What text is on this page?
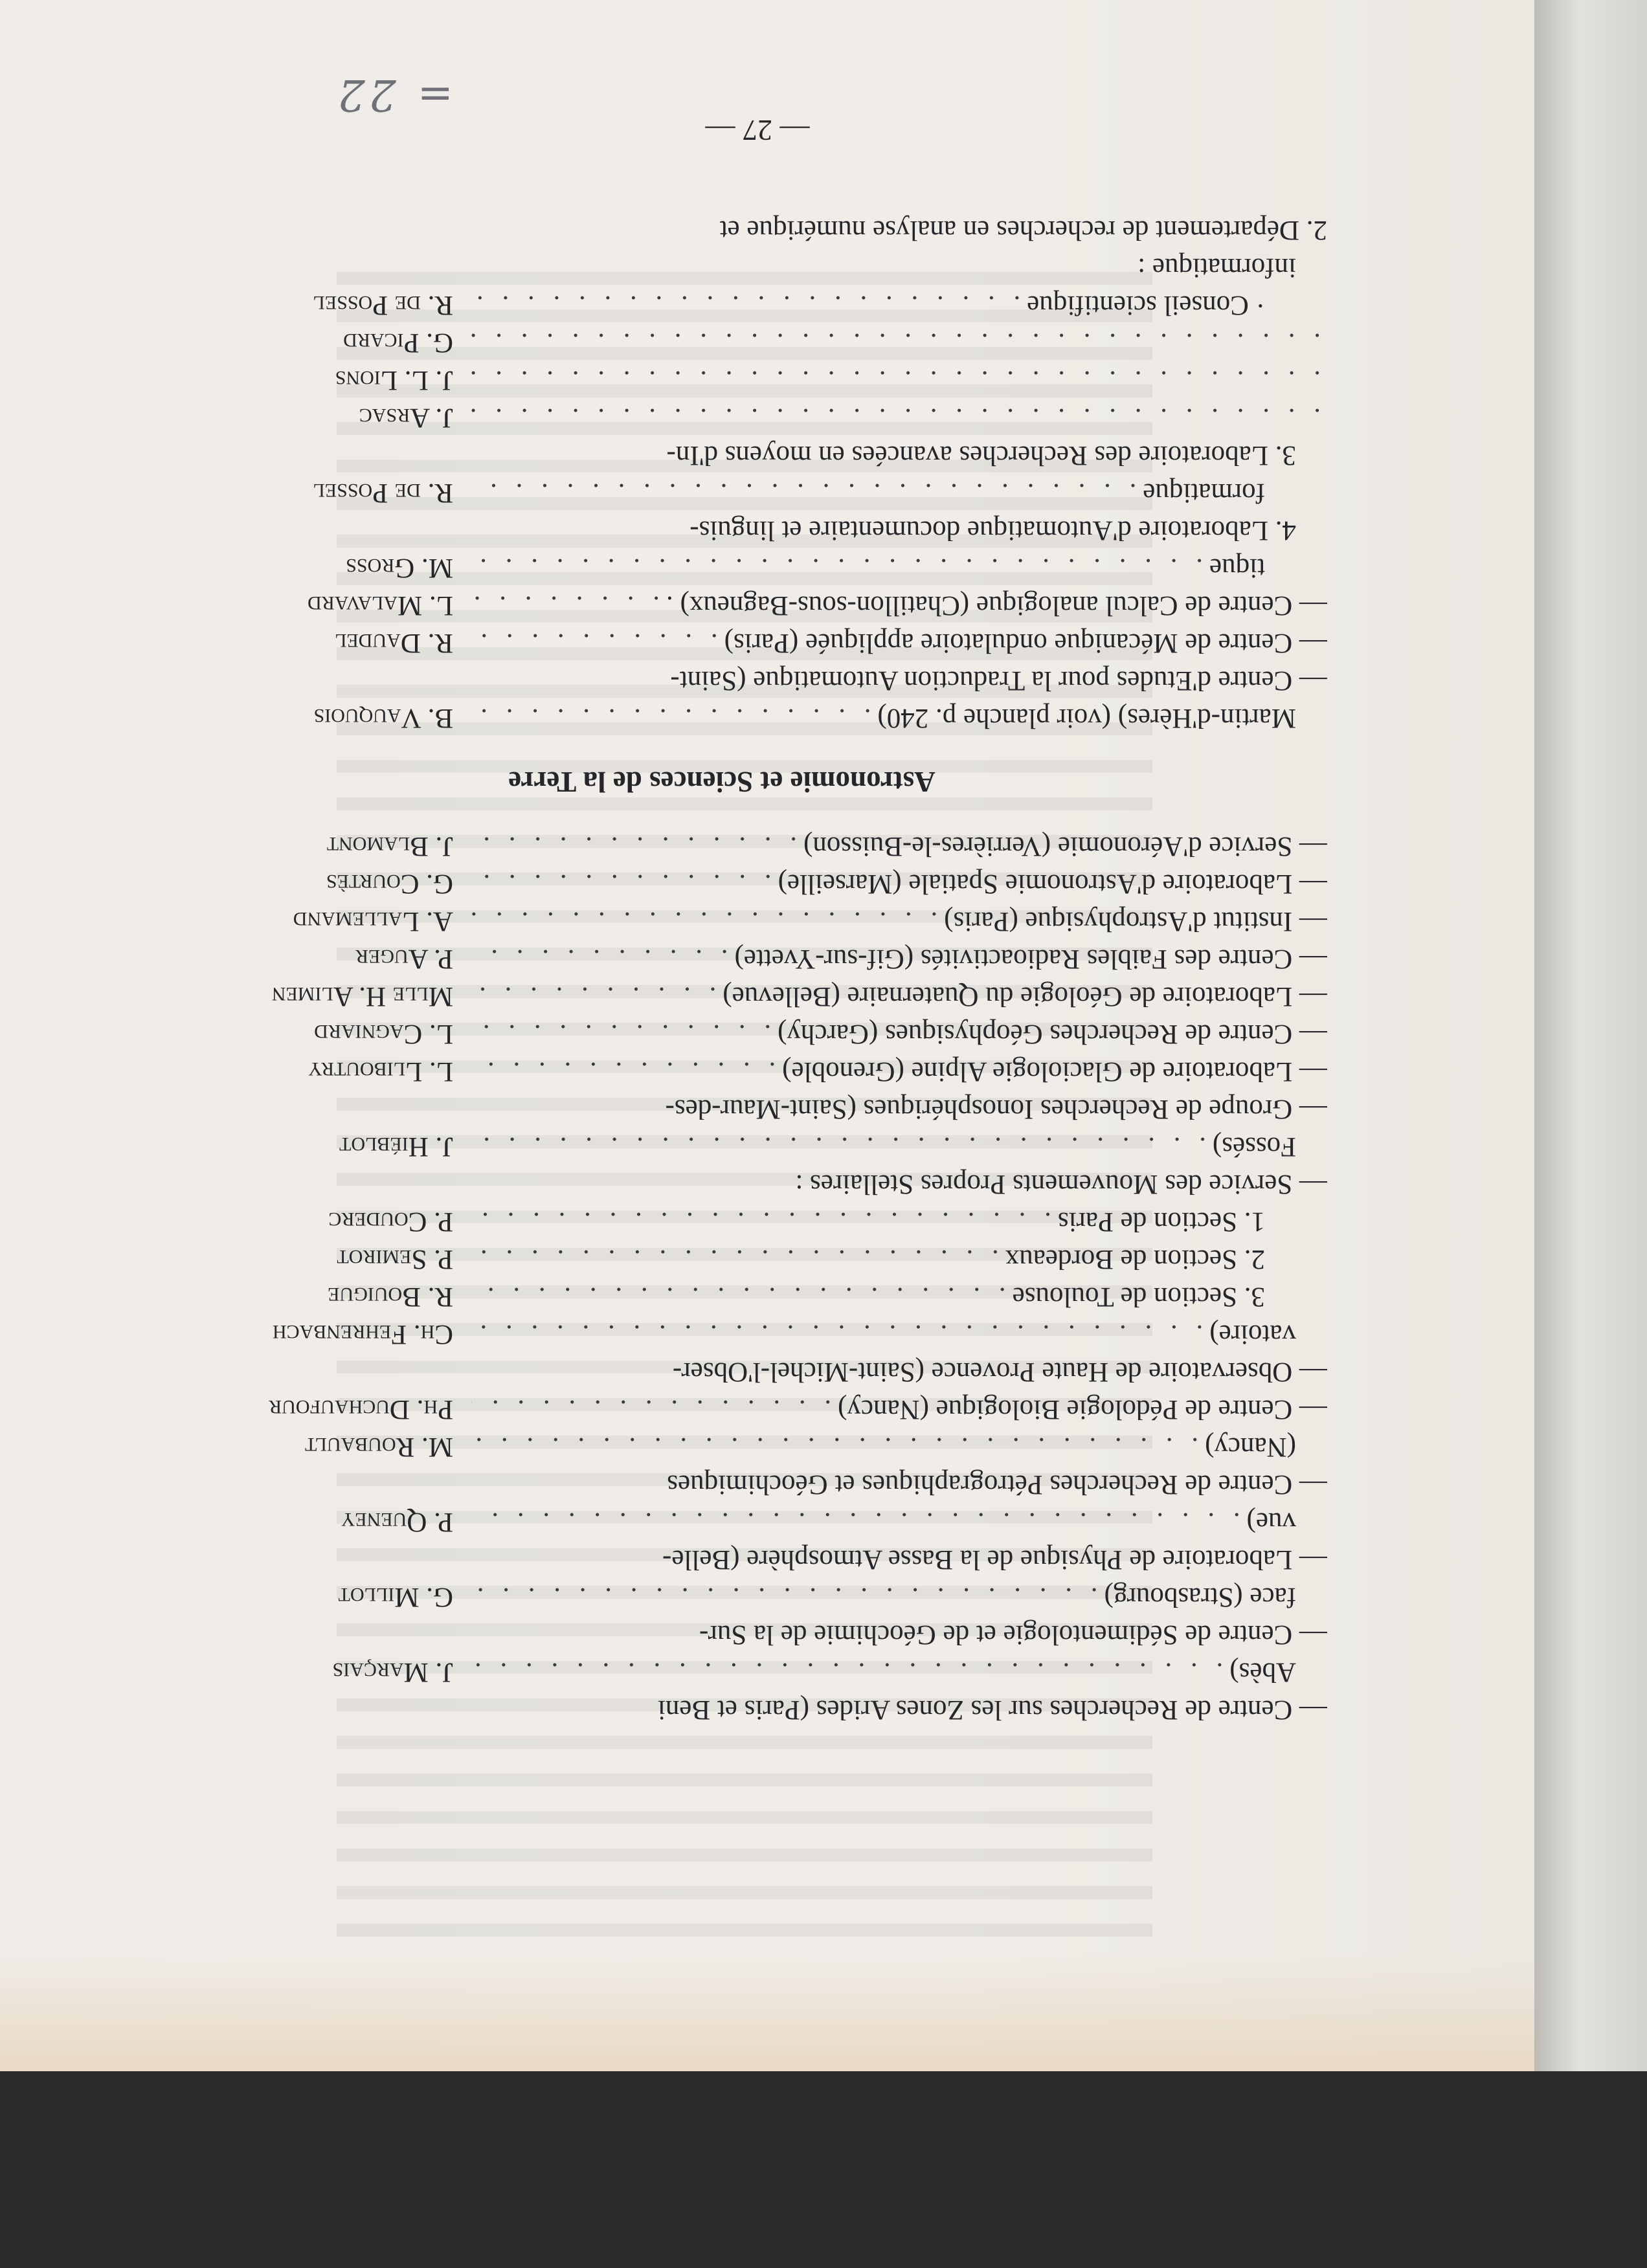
= 22
— 27 —
— Centre de Recherches sur les Zones Arides (Paris et Beni
Abès)
. . .
J. Marçais
— Centre de Sédimentologie et de Géochimie de la Sur-
face (Strasbourg)
. . .
G. Millot
— Laboratoire de Physique de la Basse Atmosphère (Belle-
vue)
. . .
P. Queney
— Centre de Recherches Pétrographiques et Géochimiques
(Nancy)
. . .
M. Roubault
— Centre de Pédologie Biologique (Nancy)
. . .
Ph. Duchaufour
— Observatoire de Haute Provence (Saint-Michel-l'Obser-
vatoire)
. . .
Ch. Fehrenbach
3. Section de Toulouse
. . .
R. Bouigue
2. Section de Bordeaux
. . .
P. Semirot
1. Section de Paris
. . .
P. Couderc
— Service des Mouvements Propres Stellaires :
Fossés)
. . .
J. Hiéblot
— Groupe de Recherches Ionosphériques (Saint-Maur-des-
— Laboratoire de Glaciologie Alpine (Grenoble)
. . .
L. Lliboutry
— Centre de Recherches Géophysiques (Garchy)
. . .
L. Cagniard
— Laboratoire de Géologie du Quaternaire (Bellevue)
. . .
Mlle H. Alimen
— Centre des Faibles Radioactivités (Gif-sur-Yvette)
. . .
P. Auger
— Institut d'Astrophysique (Paris)
. . .
A. Lallemand
— Laboratoire d'Astronomie Spatiale (Marseille)
. . .
G. Courtès
— Service d'Aéronomie (Verrières-le-Buisson)
. . .
J. Blamont
Astronomie et Sciences de la Terre
Martin-d'Hères) (voir planche p. 240)
. . .
B. Vauquois
— Centre d'Etudes pour la Traduction Automatique (Saint-
— Centre de Mécanique ondulatoire appliquée (Paris)
. . .
R. Daudel
— Centre de Calcul analogique (Chatillon-sous-Bagneux) .
. . .
L. Malavard
tique
. . .
M. Gross
4. Laboratoire d'Automatique documentaire et linguis-
formatique
. . .
R. de Possel
3. Laboratoire des Recherches avancées en moyens d'In-
. . .
J. Arsac
. . .
J. L. Lions
. . .
G. Picard
· Conseil scientifique
. . .
R. de Possel
informatique :
2. Département de recherches en analyse numérique et
